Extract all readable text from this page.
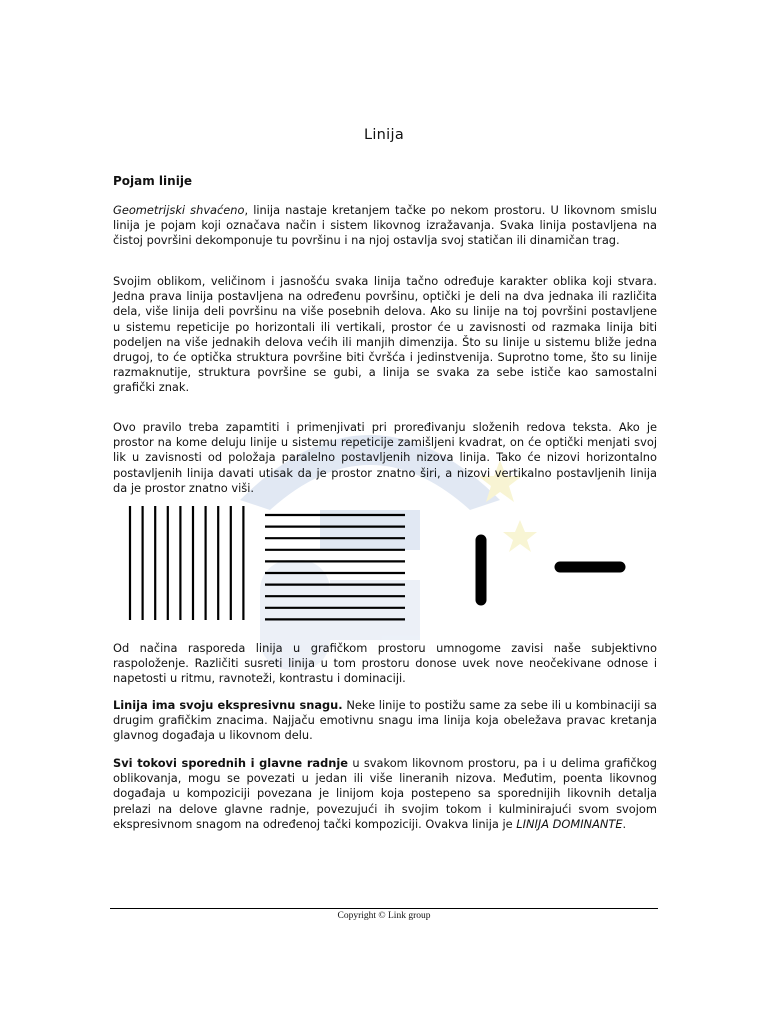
Linija
Pojam linije
Geometrijski shvaćeno, linija nastaje kretanjem tačke po nekom prostoru. U likovnom smislu linija je pojam koji označava način i sistem likovnog izražavanja. Svaka linija postavljena na čistoj površini dekomponuje tu površinu i na njoj ostavlja svoj statičan ili dinamičan trag.
Svojim oblikom, veličinom i jasnošću svaka linija tačno određuje karakter oblika koji stvara. Jedna prava linija postavljena na određenu površinu, optički je deli na dva jednaka ili različita dela, više linija deli površinu na više posebnih delova. Ako su linije na toj površini postavljene u sistemu repeticije po horizontali ili vertikali, prostor će u zavisnosti od razmaka linija biti podeljen na više jednakih delova većih ili manjih dimenzija. Što su linije u sistemu bliže jedna drugoj, to će optička struktura površine biti čvršća i jedinstvenija. Suprotno tome, što su linije razmaknutije, struktura površine se gubi, a linija se svaka za sebe ističe kao samostalni grafički znak.
Ovo pravilo treba zapamtiti i primenjivati pri proređivanju složenih redova teksta. Ako je prostor na kome deluju linije u sistemu repeticije zamišljeni kvadrat, on će optički menjati svoj lik u zavisnosti od položaja paralelno postavljenih nizova linija. Tako će nizovi horizontalno postavljenih linija davati utisak da je prostor znatno širi, a nizovi vertikalno postavljenih linija da je prostor znatno viši.
Od načina rasporeda linija u grafičkom prostoru umnogome zavisi naše subjektivno raspoloženje. Različiti susreti linija u tom prostoru donose uvek nove neočekivane odnose i napetosti u ritmu, ravnoteži, kontrastu i dominaciji.
Linija ima svoju ekspresivnu snagu. Neke linije to postižu same za sebe ili u kombinaciji sa drugim grafičkim znacima. Najjaču emotivnu snagu ima linija koja obeležava pravac kretanja glavnog događaja u likovnom delu.
Svi tokovi sporednih i glavne radnje u svakom likovnom prostoru, pa i u delima grafičkog oblikovanja, mogu se povezati u jedan ili više lineranih nizova. Međutim, poenta likovnog događaja u kompoziciji povezana je linijom koja postepeno sa sporednijih likovnih detalja prelazi na delove glavne radnje, povezujući ih svojim tokom i kulminirajući svom svojom ekspresivnom snagom na određenoj tački kompoziciji. Ovakva linija je LINIJA DOMINANTE.
Copyright © Link group
